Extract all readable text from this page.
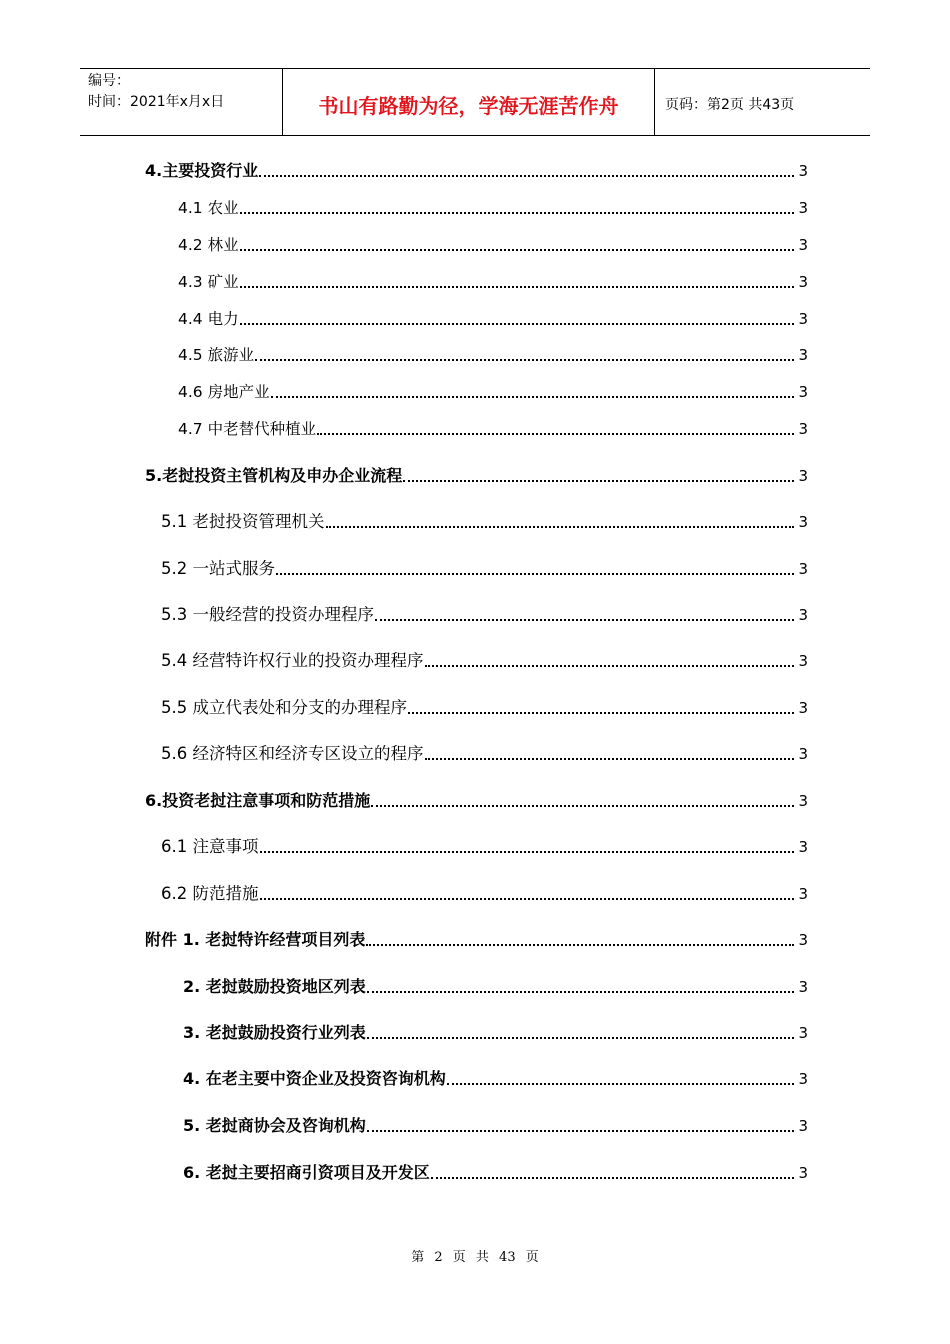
编号：
时间：2021年x月x日	书山有路勤为径，学海无涯苦作舟	页码：第2页 共43页
4.主要投资行业	3
4.1 农业	3
4.2 林业	3
4.3 矿业	3
4.4 电力	3
4.5 旅游业	3
4.6 房地产业	3
4.7 中老替代种植业	3
5.老挝投资主管机构及申办企业流程	3
5.1 老挝投资管理机关	3
5.2 一站式服务	3
5.3 一般经营的投资办理程序	3
5.4 经营特许权行业的投资办理程序	3
5.5 成立代表处和分支的办理程序	3
5.6 经济特区和经济专区设立的程序	3
6.投资老挝注意事项和防范措施	3
6.1 注意事项	3
6.2 防范措施	3
附件 1. 老挝特许经营项目列表	3
2. 老挝鼓励投资地区列表	3
3. 老挝鼓励投资行业列表	3
4. 在老主要中资企业及投资咨询机构	3
5. 老挝商协会及咨询机构	3
6. 老挝主要招商引资项目及开发区	3
第 2 页 共 43 页
